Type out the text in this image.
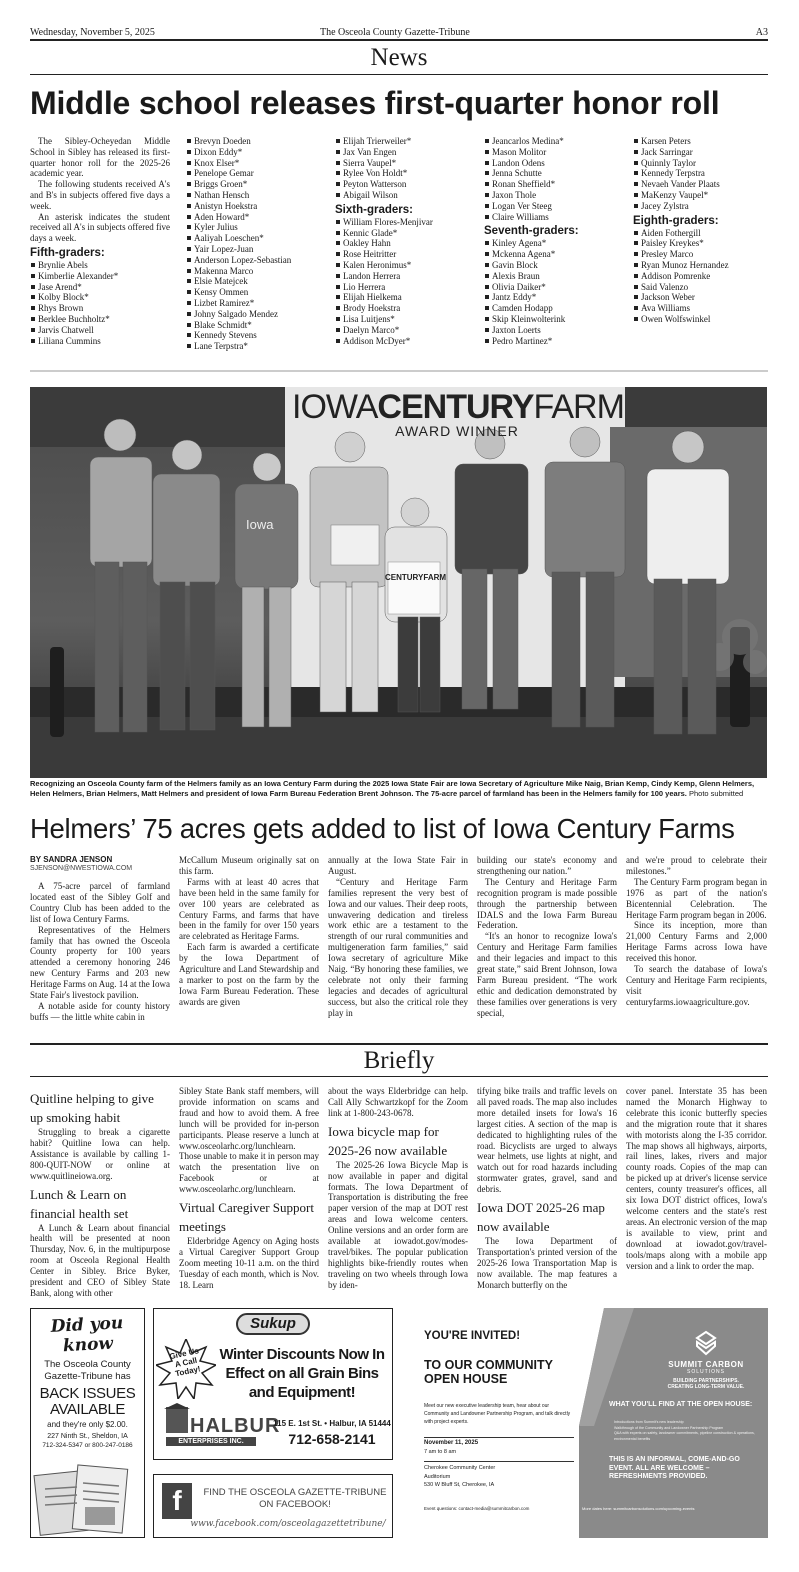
Wednesday, November 5, 2025	The Osceola County Gazette-Tribune	A3
News
Middle school releases first-quarter honor roll

The Sibley-Ocheyedan Middle School in Sibley has released its first-quarter honor roll for the 2025-26 academic year.

The following students received A's and B's in subjects offered five days a week.

An asterisk indicates the student received all A's in subjects offered five days a week.

Fifth-graders:
Brynlie Abels
Kimberlie Alexander*
Jase Arend*
Kolby Block*
Rhys Brown
Berklee Buchholtz*
Jarvis Chatwell
Liliana Cummins
Brevyn Doeden
Dixon Eddy*
Knox Elser*
Penelope Gemar
Briggs Groen*
Nathan Hensch
Anistyn Hoekstra
Aden Howard*
Kyler Julius
Aaliyah Loeschen*
Yair Lopez-Juan
Anderson Lopez-Sebastian
Makenna Marco
Elsie Matejcek
Kensy Ommen
Lizbet Ramirez*
Johny Salgado Mendez
Blake Schmidt*
Kennedy Stevens
Lane Terpstra*
Elijah Trierweiler*
Jax Van Engen
Sierra Vaupel*
Rylee Von Holdt*
Peyton Watterson
Abigail Wilson
Sixth-graders:
William Flores-Menjivar
Kennic Glade*
Oakley Hahn
Rose Heitritter
Kalen Heronimus*
Landon Herrera
Lio Herrera
Elijah Hielkema
Brody Hoekstra
Lisa Luitjens*
Daelyn Marco*
Addison McDyer*
Jeancarlos Medina*
Mason Molitor
Landon Odens
Jenna Schutte
Ronan Sheffield*
Jaxon Thole
Logan Ver Steeg
Claire Williams
Seventh-graders:
Kinley Agena*
Mckenna Agena*
Gavin Block
Alexis Braun
Olivia Daiker*
Jantz Eddy*
Camden Hodapp
Skip Kleinwolterink
Jaxton Loerts
Pedro Martinez*
Karsen Peters
Jack Sarringar
Quinnly Taylor
Kennedy Terpstra
Nevaeh Vander Plaats
MaKenzy Vaupel*
Jacey Zylstra
Eighth-graders:
Aiden Fothergill
Paisley Kreykes*
Presley Marco
Ryan Munoz Hernandez
Addison Pomrenke
Said Valenzo
Jackson Weber
Ava Williams
Owen Wolfswinkel
IOWACENTURYFARM
AWARD WINNER
CENTURYFARM
Iowa
Recognizing an Osceola County farm of the Helmers family as an Iowa Century Farm during the 2025 Iowa State Fair are Iowa Secretary of Agriculture Mike Naig, Brian Kemp, Cindy Kemp, Glenn Helmers, Helen Helmers, Brian Helmers, Matt Helmers and president of Iowa Farm Bureau Federation Brent Johnson. The 75-acre parcel of farmland has been in the Helmers family for 100 years. Photo submitted
Helmers’ 75 acres gets added to list of Iowa Century Farms

BY SANDRA JENSON

SJENSON@NWESTIOWA.COM

A 75-acre parcel of farmland located east of the Sibley Golf and Country Club has been added to the list of Iowa Century Farms.

Representatives of the Helmers family that has owned the Osceola County property for 100 years attended a ceremony honoring 246 new Century Farms and 203 new Heritage Farms on Aug. 14 at the Iowa State Fair's livestock pavilion.

A notable aside for county history buffs — the little white cabin in

McCallum Museum originally sat on this farm.

Farms with at least 40 acres that have been held in the same family for over 100 years are celebrated as Century Farms, and farms that have been in the family for over 150 years are celebrated as Heritage Farms.

Each farm is awarded a certificate by the Iowa Department of Agriculture and Land Stewardship and a marker to post on the farm by the Iowa Farm Bureau Federation. These awards are given

annually at the Iowa State Fair in August.

“Century and Heritage Farm families represent the very best of Iowa and our values. Their deep roots, unwavering dedication and tireless work ethic are a testament to the strength of our rural communities and multigeneration farm families,” said Iowa secretary of agriculture Mike Naig. “By honoring these families, we celebrate not only their farming legacies and decades of agricultural success, but also the critical role they play in

building our state's economy and strengthening our nation.”

The Century and Heritage Farm recognition program is made possible through the partnership between IDALS and the Iowa Farm Bureau Federation.

“It's an honor to recognize Iowa's Century and Heritage Farm families and their legacies and impact to this great state,” said Brent Johnson, Iowa Farm Bureau president. “The work ethic and dedication demonstrated by these families over generations is very special,

and we're proud to celebrate their milestones.”

The Century Farm program began in 1976 as part of the nation's Bicentennial Celebration. The Heritage Farm program began in 2006.

Since its inception, more than 21,000 Century Farms and 2,000 Heritage Farms across Iowa have received this honor.

To search the database of Iowa's Century and Heritage Farm recipients, visit centuryfarms.iowaagriculture.gov.

Briefly

Quitline helping to give up smoking habit

Struggling to break a cigarette habit? Quitline Iowa can help. Assistance is available by calling 1-800-QUIT-NOW or online at www.quitlineiowa.org.

Lunch & Learn on financial health set

A Lunch & Learn about financial health will be presented at noon Thursday, Nov. 6, in the multipurpose room at Osceola Regional Health Center in Sibley. Brice Byker, president and CEO of Sibley State Bank, along with other

Sibley State Bank staff members, will provide information on scams and fraud and how to avoid them. A free lunch will be provided for in-person participants. Please reserve a lunch at www.osceolarhc.org/lunchlearn. Those unable to make it in person may watch the presentation live on Facebook or at www.osceolarhc.org/lunchlearn.

Virtual Caregiver Support meetings

Elderbridge Agency on Aging hosts a Virtual Caregiver Support Group Zoom meeting 10-11 a.m. on the third Tuesday of each month, which is Nov. 18. Learn

about the ways Elderbridge can help. Call Ally Schwartzkopf for the Zoom link at 1-800-243-0678.

Iowa bicycle map for 2025-26 now available

The 2025-26 Iowa Bicycle Map is now available in paper and digital formats. The Iowa Department of Transportation is distributing the free paper version of the map at DOT rest areas and Iowa welcome centers. Online versions and an order form are available at iowadot.gov/modes-travel/bikes. The popular publication highlights bike-friendly routes when traveling on two wheels through Iowa by iden-

tifying bike trails and traffic levels on all paved roads. The map also includes more detailed insets for Iowa's 16 largest cities. A section of the map is dedicated to highlighting rules of the road. Bicyclists are urged to always wear helmets, use lights at night, and watch out for road hazards including stormwater grates, gravel, sand and debris.

Iowa DOT 2025-26 map now available

The Iowa Department of Transportation's printed version of the 2025-26 Iowa Transportation Map is now available. The map features a Monarch butterfly on the

cover panel. Interstate 35 has been named the Monarch Highway to celebrate this iconic butterfly species and the migration route that it shares with motorists along the I-35 corridor. The map shows all highways, airports, rail lines, lakes, rivers and major county roads. Copies of the map can be picked up at driver's license service centers, county treasurer's offices, all six Iowa DOT district offices, Iowa's welcome centers and the state's rest areas. An electronic version of the map is available to view, print and download at iowadot.gov/travel-tools/maps along with a mobile app version and a link to order the map.

Did you know
The Osceola County Gazette-Tribune has
BACK ISSUES AVAILABLE
and they're only $2.00.
227 Ninth St., Sheldon, IA
712-324-5347 or 800-247-0186
Sukup
Give Us A Call Today!
Winter Discounts Now In
Effect on all Grain Bins
and Equipment!
HALBUR
ENTERPRISES INC.
115 E. 1st St. • Halbur, IA 51444
712-658-2141
f	FIND THE OSCEOLA GAZETTE-TRIBUNE
ON FACEBOOK!
www.facebook.com/osceolagazettetribune/
YOU'RE INVITED!
TO OUR COMMUNITY OPEN HOUSE
Meet our new executive leadership team, hear about our Community and Landowner Partnership Program, and talk directly with project experts.
November 11, 2025
7 am to 8 am
Cherokee Community Center
Auditorium
530 W Bluff St, Cherokee, IA
Event questions: contact-media@summitcarbon.com
SUMMIT CARBON
SOLUTIONS
BUILDING PARTNERSHIPS.
CREATING LONG-TERM VALUE.
WHAT YOU'LL FIND AT THE OPEN HOUSE:
Introductions from Summit's new leadership
Walkthrough of the Community and Landowner Partnership Program
Q&A with experts on safety, landowner commitments, pipeline construction & operations, environmental benefits
THIS IS AN INFORMAL, COME-AND-GO EVENT. ALL ARE WELCOME – REFRESHMENTS PROVIDED.
More dates here: summitcarbonsolutions.com/upcoming-events
